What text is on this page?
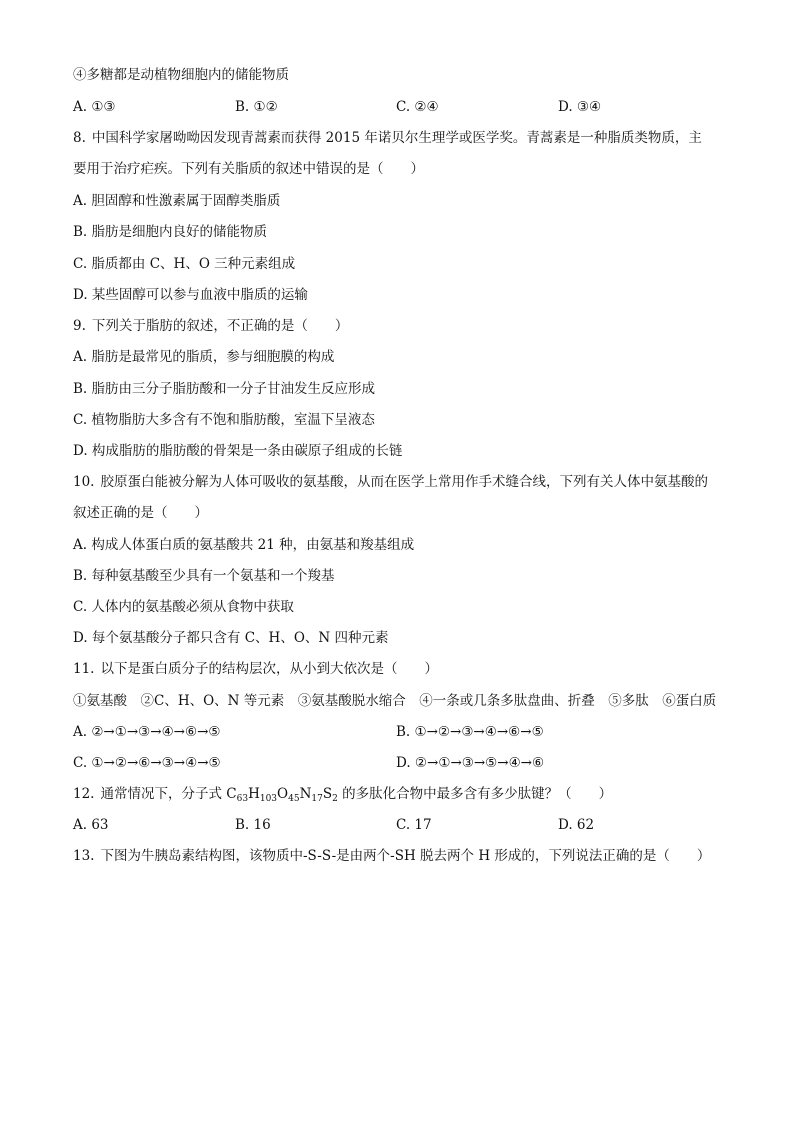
④多糖都是动植物细胞内的储能物质
A. ①③	B. ①②	C. ②④	D. ③④
8. 中国科学家屠呦呦因发现青蒿素而获得 2015 年诺贝尔生理学或医学奖。青蒿素是一种脂质类物质，主
要用于治疗疟疾。下列有关脂质的叙述中错误的是（　　）
A. 胆固醇和性激素属于固醇类脂质
B. 脂肪是细胞内良好的储能物质
C. 脂质都由 C、H、O 三种元素组成
D. 某些固醇可以参与血液中脂质的运输
9. 下列关于脂肪的叙述，不正确的是（　　）
A. 脂肪是最常见的脂质，参与细胞膜的构成
B. 脂肪由三分子脂肪酸和一分子甘油发生反应形成
C. 植物脂肪大多含有不饱和脂肪酸，室温下呈液态
D. 构成脂肪的脂肪酸的骨架是一条由碳原子组成的长链
10. 胶原蛋白能被分解为人体可吸收的氨基酸，从而在医学上常用作手术缝合线，下列有关人体中氨基酸的
叙述正确的是（　　）
A. 构成人体蛋白质的氨基酸共 21 种，由氨基和羧基组成
B. 每种氨基酸至少具有一个氨基和一个羧基
C. 人体内的氨基酸必须从食物中获取
D. 每个氨基酸分子都只含有 C、H、O、N 四种元素
11. 以下是蛋白质分子的结构层次，从小到大依次是（　　）
①氨基酸　②C、H、O、N 等元素　③氨基酸脱水缩合　④一条或几条多肽盘曲、折叠　⑤多肽　⑥蛋白质
A. ②→①→③→④→⑥→⑤	B. ①→②→③→④→⑥→⑤
C. ①→②→⑥→③→④→⑤	D. ②→①→③→⑤→④→⑥
12. 通常情况下，分子式 $C_{63}H_{103}O_{45}N_{17}S_2$ 的多肽化合物中最多含有多少肽键？（　　）
A. 63	B. 16	C. 17	D. 62
13. 下图为牛胰岛素结构图，该物质中-S-S-是由两个-SH 脱去两个 H 形成的，下列说法正确的是（　　）
